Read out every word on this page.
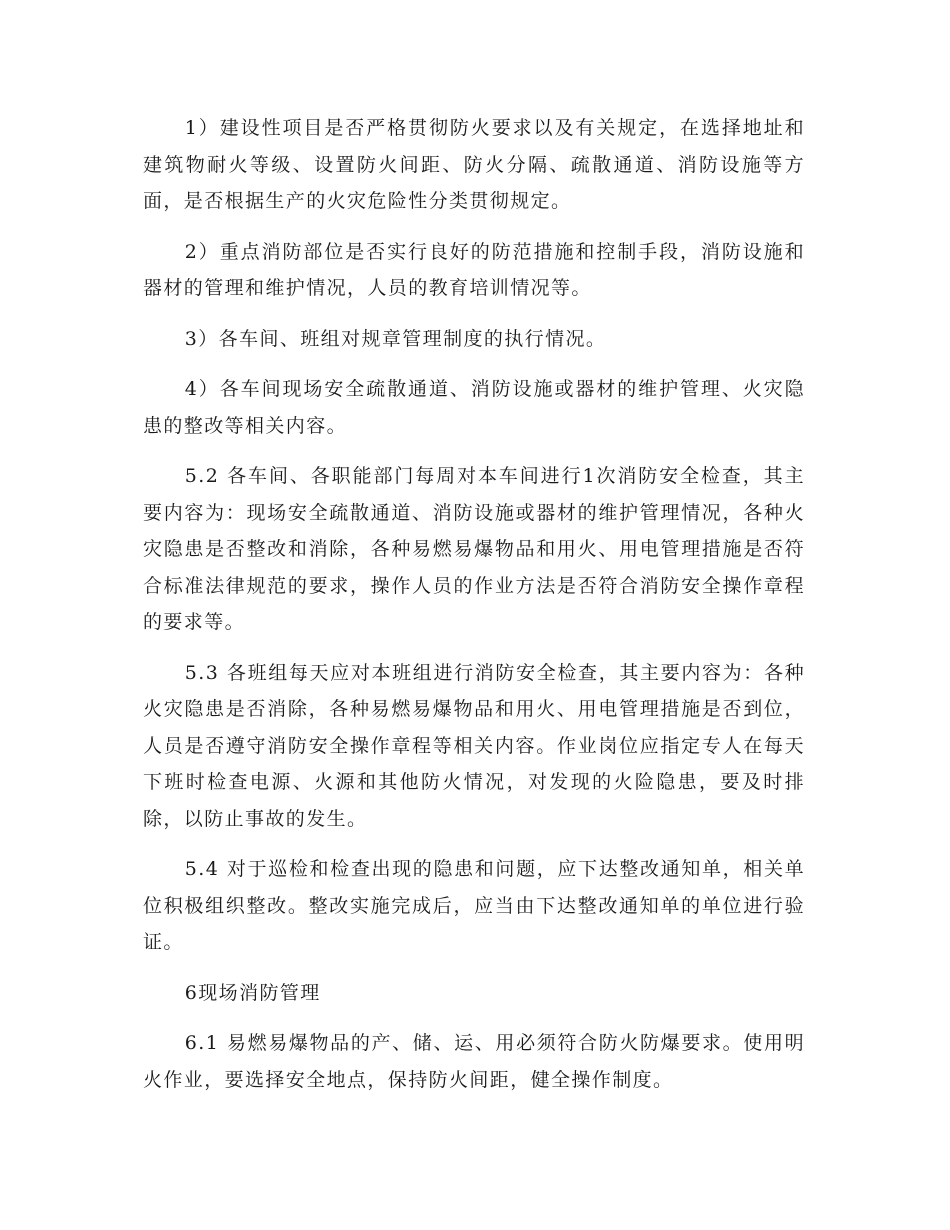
1）建设性项目是否严格贯彻防火要求以及有关规定，在选择地址和建筑物耐火等级、设置防火间距、防火分隔、疏散通道、消防设施等方面，是否根据生产的火灾危险性分类贯彻规定。

2）重点消防部位是否实行良好的防范措施和控制手段，消防设施和器材的管理和维护情况，人员的教育培训情况等。

3）各车间、班组对规章管理制度的执行情况。

4）各车间现场安全疏散通道、消防设施或器材的维护管理、火灾隐患的整改等相关内容。

5.2 各车间、各职能部门每周对本车间进行1次消防安全检查，其主要内容为：现场安全疏散通道、消防设施或器材的维护管理情况，各种火灾隐患是否整改和消除，各种易燃易爆物品和用火、用电管理措施是否符合标准法律规范的要求，操作人员的作业方法是否符合消防安全操作章程的要求等。

5.3 各班组每天应对本班组进行消防安全检查，其主要内容为：各种火灾隐患是否消除，各种易燃易爆物品和用火、用电管理措施是否到位，人员是否遵守消防安全操作章程等相关内容。作业岗位应指定专人在每天下班时检查电源、火源和其他防火情况，对发现的火险隐患，要及时排除，以防止事故的发生。

5.4 对于巡检和检查出现的隐患和问题，应下达整改通知单，相关单位积极组织整改。整改实施完成后，应当由下达整改通知单的单位进行验证。

6现场消防管理

6.1 易燃易爆物品的产、储、运、用必须符合防火防爆要求。使用明火作业，要选择安全地点，保持防火间距，健全操作制度。
